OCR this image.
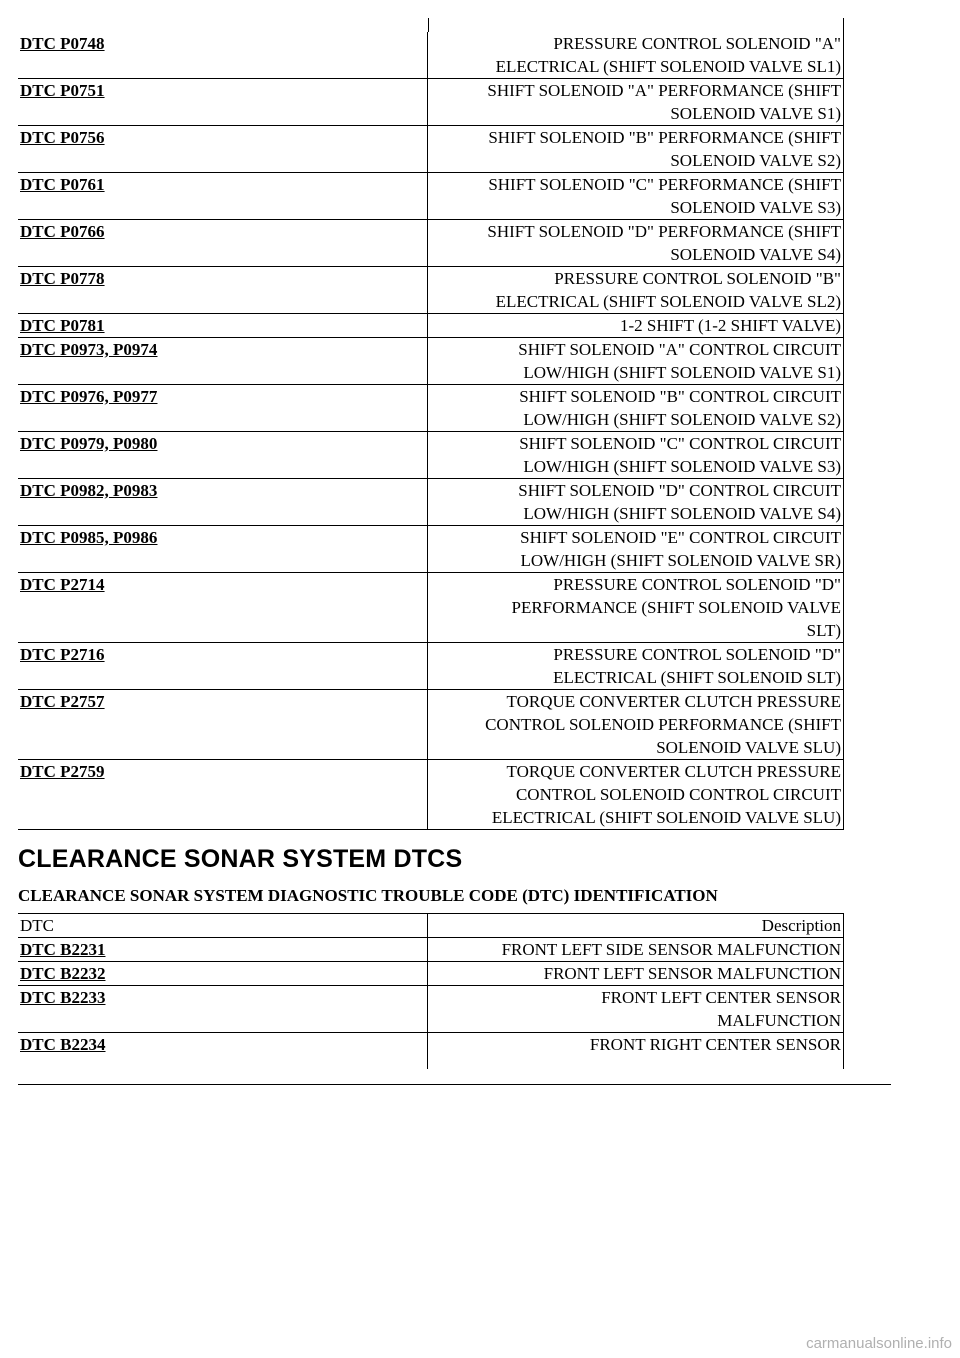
DTC P0748	PRESSURE CONTROL SOLENOID "A"
ELECTRICAL (SHIFT SOLENOID VALVE SL1)
DTC P0751	SHIFT SOLENOID "A" PERFORMANCE (SHIFT
SOLENOID VALVE S1)
DTC P0756	SHIFT SOLENOID "B" PERFORMANCE (SHIFT
SOLENOID VALVE S2)
DTC P0761	SHIFT SOLENOID "C" PERFORMANCE (SHIFT
SOLENOID VALVE S3)
DTC P0766	SHIFT SOLENOID "D" PERFORMANCE (SHIFT
SOLENOID VALVE S4)
DTC P0778	PRESSURE CONTROL SOLENOID "B"
ELECTRICAL (SHIFT SOLENOID VALVE SL2)
DTC P0781	1-2 SHIFT (1-2 SHIFT VALVE)
DTC P0973, P0974	SHIFT SOLENOID "A" CONTROL CIRCUIT
LOW/HIGH (SHIFT SOLENOID VALVE S1)
DTC P0976, P0977	SHIFT SOLENOID "B" CONTROL CIRCUIT
LOW/HIGH (SHIFT SOLENOID VALVE S2)
DTC P0979, P0980	SHIFT SOLENOID "C" CONTROL CIRCUIT
LOW/HIGH (SHIFT SOLENOID VALVE S3)
DTC P0982, P0983	SHIFT SOLENOID "D" CONTROL CIRCUIT
LOW/HIGH (SHIFT SOLENOID VALVE S4)
DTC P0985, P0986	SHIFT SOLENOID "E" CONTROL CIRCUIT
LOW/HIGH (SHIFT SOLENOID VALVE SR)
DTC P2714	PRESSURE CONTROL SOLENOID "D"
PERFORMANCE (SHIFT SOLENOID VALVE
SLT)
DTC P2716	PRESSURE CONTROL SOLENOID "D"
ELECTRICAL (SHIFT SOLENOID SLT)
DTC P2757	TORQUE CONVERTER CLUTCH PRESSURE
CONTROL SOLENOID PERFORMANCE (SHIFT
SOLENOID VALVE SLU)
DTC P2759	TORQUE CONVERTER CLUTCH PRESSURE
CONTROL SOLENOID CONTROL CIRCUIT
ELECTRICAL (SHIFT SOLENOID VALVE SLU)
CLEARANCE SONAR SYSTEM DTCS

CLEARANCE SONAR SYSTEM DIAGNOSTIC TROUBLE CODE (DTC) IDENTIFICATION

DTC	Description
DTC B2231	FRONT LEFT SIDE SENSOR MALFUNCTION
DTC B2232	FRONT LEFT SENSOR MALFUNCTION
DTC B2233	FRONT LEFT CENTER SENSOR
MALFUNCTION
DTC B2234	FRONT RIGHT CENTER SENSOR
carmanualsonline.info
